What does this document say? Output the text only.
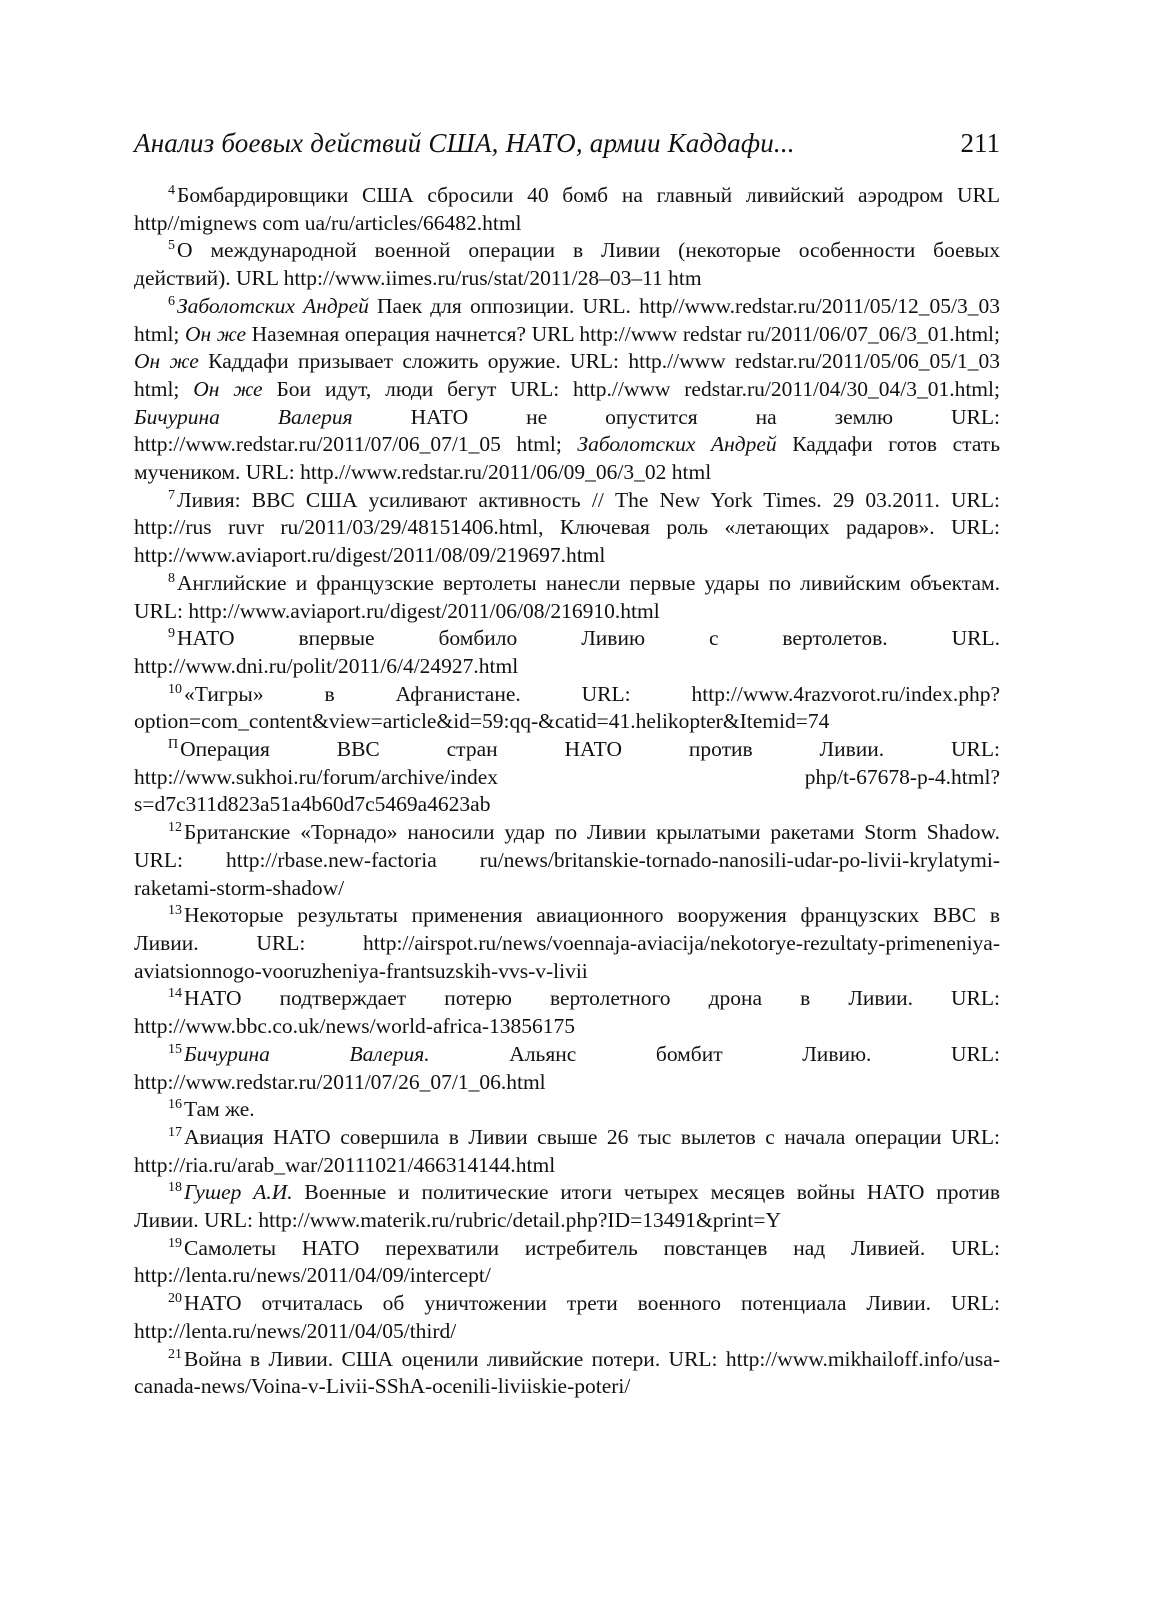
Анализ боевых действий США, НАТО, армии Каддафи...	211

$^4$Бомбардировщики США сбросили 40 бомб на главный ливийский аэродром URL http//mignews com ua/ru/articles/66482.html

$^5$О международной военной операции в Ливии (некоторые особенности боевых действий). URL http://www.iimes.ru/rus/stat/2011/28–03–11 htm

$^6$Заболотских Андрей Паек для оппозиции. URL. http//www.redstar.ru/2011/05/12_05/3_03 html; Он же Наземная операция начнется? URL http://www redstar ru/2011/06/07_06/3_01.html; Он же Каддафи призывает сложить оружие. URL: http.//www redstar.ru/2011/05/06_05/1_03 html; Он же Бои идут, люди бегут URL: http.//www redstar.ru/2011/04/30_04/3_01.html; Бичурина Валерия НАТО не опустится на землю URL: http://www.redstar.ru/2011/07/06_07/1_05 html; Заболотских Андрей Каддафи готов стать мучеником. URL: http.//www.redstar.ru/2011/06/09_06/3_02 html

$^7$Ливия: ВВС США усиливают активность // The New York Times. 29 03.2011. URL: http://rus ruvr ru/2011/03/29/48151406.html, Ключевая роль «летающих радаров». URL: http://www.aviaport.ru/digest/2011/08/09/219697.html

$^8$Английские и французские вертолеты нанесли первые удары по ливийским объектам. URL: http://www.aviaport.ru/digest/2011/06/08/216910.html

$^9$НАТО впервые бомбило Ливию с вертолетов. URL. http://www.dni.ru/polit/2011/6/4/24927.html

$^{10}$«Тигры» в Афганистане. URL: http://www.4razvorot.ru/index.php?option=com_content&view=article&id=59:qq-&catid=41.helikopter&Itemid=74

$^П$Операция ВВС стран НАТО против Ливии. URL: http://www.sukhoi.ru/forum/archive/index php/t-67678-p-4.html?s=d7c311d823a51a4b60d7c5469a4623ab

$^{12}$Британские «Торнадо» наносили удар по Ливии крылатыми ракетами Storm Shadow. URL: http://rbase.new-factoria ru/news/britanskie-tornado-nanosili-udar-po-livii-krylatymi-raketami-storm-shadow/

$^{13}$Некоторые результаты применения авиационного вооружения французских ВВС в Ливии. URL: http://airspot.ru/news/voennaja-aviacija/nekotorye-rezultaty-primeneniya-aviatsionnogo-vooruzheniya-frantsuzskih-vvs-v-livii

$^{14}$НАТО подтверждает потерю вертолетного дрона в Ливии. URL: http://www.bbc.co.uk/news/world-africa-13856175

$^{15}$Бичурина Валерия. Альянс бомбит Ливию. URL: http://www.redstar.ru/2011/07/26_07/1_06.html

$^{16}$Там же.

$^{17}$Авиация НАТО совершила в Ливии свыше 26 тыс вылетов с начала операции URL: http://ria.ru/arab_war/20111021/466314144.html

$^{18}$Гушер А.И. Военные и политические итоги четырех месяцев войны НАТО против Ливии. URL: http://www.materik.ru/rubric/detail.php?ID=13491&print=Y

$^{19}$Самолеты НАТО перехватили истребитель повстанцев над Ливией. URL: http://lenta.ru/news/2011/04/09/intercept/

$^{20}$НАТО отчиталась об уничтожении трети военного потенциала Ливии. URL: http://lenta.ru/news/2011/04/05/third/

$^{21}$Война в Ливии. США оценили ливийские потери. URL: http://www.mikhailoff.info/usa-canada-news/Voina-v-Livii-SShA-ocenili-liviiskie-poteri/
